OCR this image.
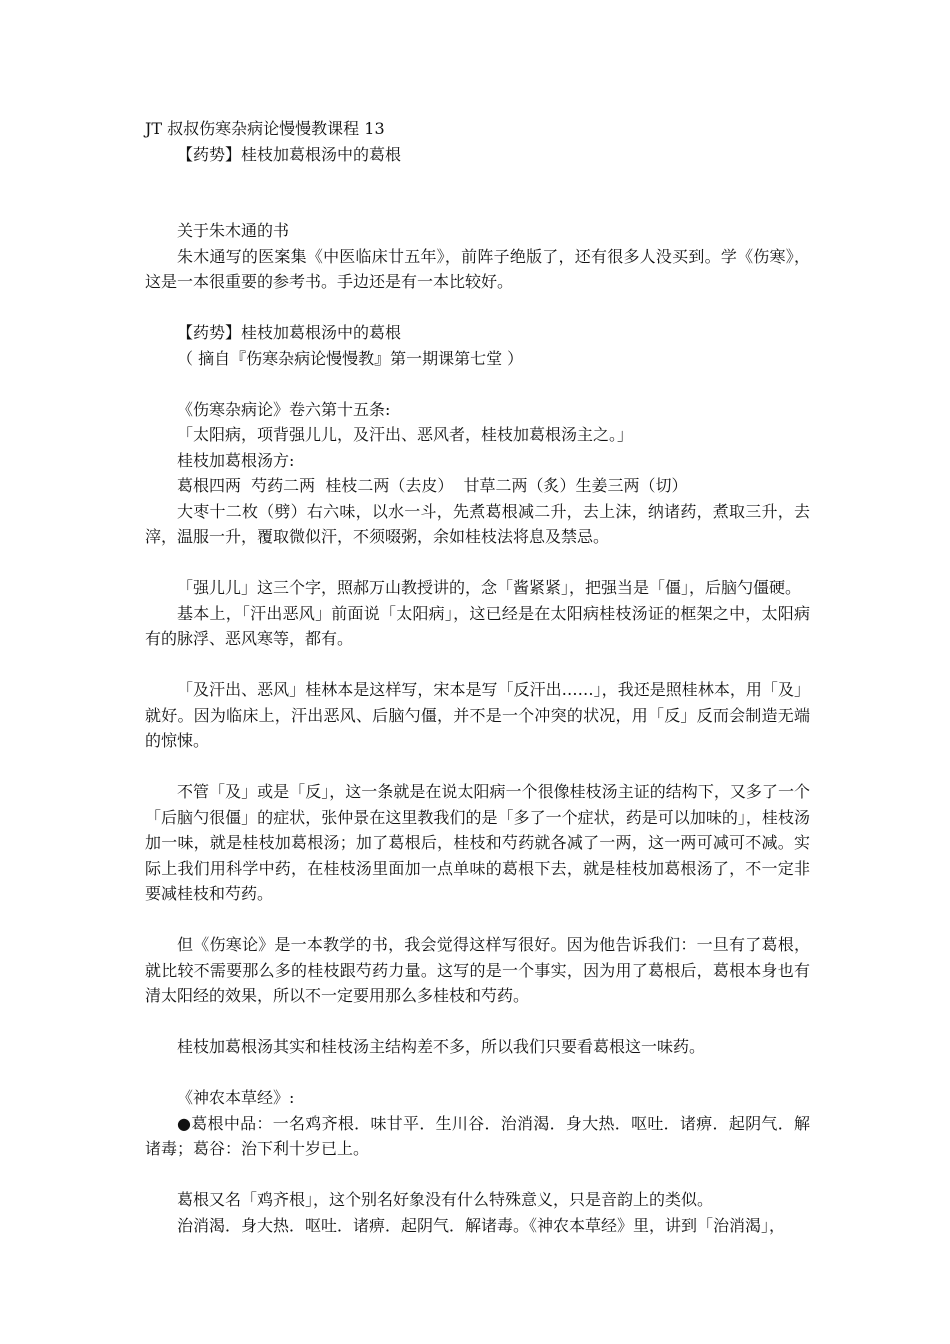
JT 叔叔伤寒杂病论慢慢教课程 13

【药势】桂枝加葛根汤中的葛根

关于朱木通的书

朱木通写的医案集《中医临床廿五年》，前阵子绝版了，还有很多人没买到。学《伤寒》，这是一本很重要的参考书。手边还是有一本比较好。

【药势】桂枝加葛根汤中的葛根

（ 摘自『伤寒杂病论慢慢教』第一期课第七堂 ）

《伤寒杂病论》卷六第十五条:

「太阳病，项背强儿儿，及汗出、恶风者，桂枝加葛根汤主之。」

桂枝加葛根汤方:

葛根四两  芍药二两  桂枝二两（去皮）  甘草二两（炙）生姜三两（切）

大枣十二枚（劈）右六味，以水一斗，先煮葛根减二升，去上沫，纳诸药，煮取三升，去滓，温服一升，覆取微似汗，不须啜粥，余如桂枝法将息及禁忌。

「强儿儿」这三个字，照郝万山教授讲的，念「酱紧紧」，把强当是「僵」，后脑勺僵硬。

基本上，「汗出恶风」前面说「太阳病」，这已经是在太阳病桂枝汤证的框架之中，太阳病有的脉浮、恶风寒等，都有。

「及汗出、恶风」桂林本是这样写，宋本是写「反汗出……」，我还是照桂林本，用「及」就好。因为临床上，汗出恶风、后脑勺僵，并不是一个冲突的状况，用「反」反而会制造无端的惊悚。

不管「及」或是「反」，这一条就是在说太阳病一个很像桂枝汤主证的结构下，又多了一个「后脑勺很僵」的症状，张仲景在这里教我们的是「多了一个症状，药是可以加味的」，桂枝汤加一味，就是桂枝加葛根汤；加了葛根后，桂枝和芍药就各减了一两，这一两可减可不减。实际上我们用科学中药，在桂枝汤里面加一点单味的葛根下去，就是桂枝加葛根汤了，不一定非要减桂枝和芍药。

但《伤寒论》是一本教学的书，我会觉得这样写很好。因为他告诉我们：一旦有了葛根，就比较不需要那么多的桂枝跟芍药力量。这写的是一个事实，因为用了葛根后，葛根本身也有清太阳经的效果，所以不一定要用那么多桂枝和芍药。

桂枝加葛根汤其实和桂枝汤主结构差不多，所以我们只要看葛根这一味药。

《神农本草经》:

●葛根中品：一名鸡齐根．味甘平．生川谷．治消渴．身大热．呕吐．诸痹．起阴气．解诸毒；葛谷：治下利十岁已上。

葛根又名「鸡齐根」，这个别名好象没有什么特殊意义，只是音韵上的类似。

治消渴．身大热．呕吐．诸痹．起阴气．解诸毒。《神农本草经》里，讲到「治消渴」，
